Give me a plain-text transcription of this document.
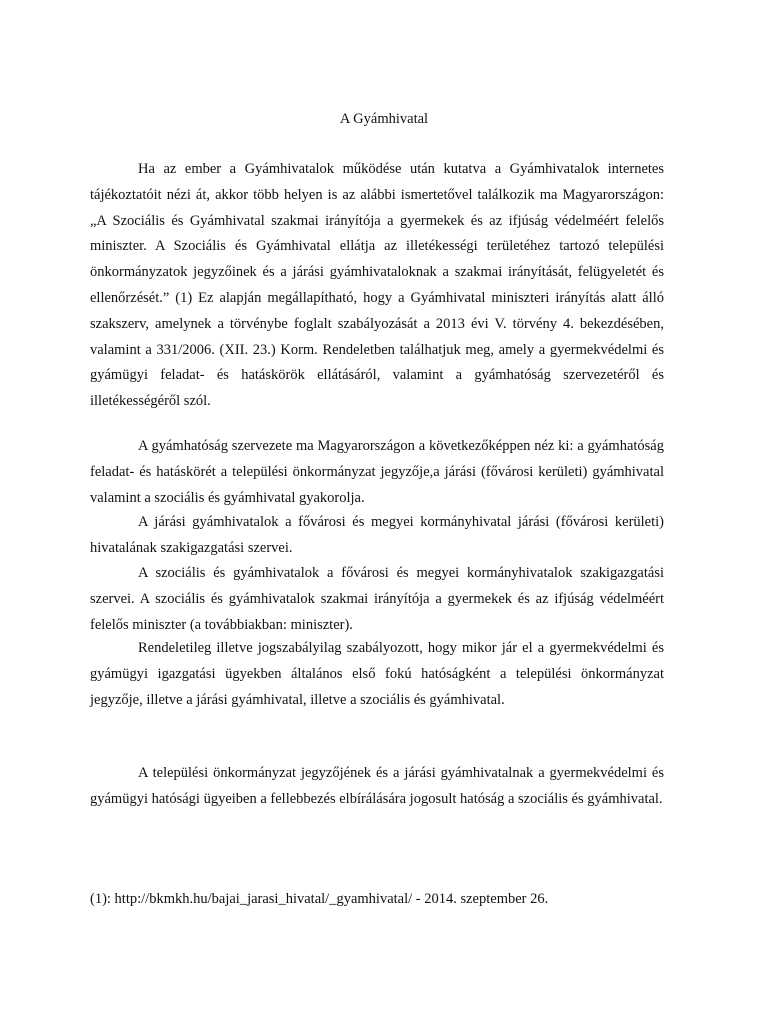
A Gyámhivatal

Ha az ember a Gyámhivatalok működése után kutatva a Gyámhivatalok internetes tájékoztatóit nézi át, akkor több helyen is az alábbi ismertetővel találkozik ma Magyarországon: „A Szociális és Gyámhivatal szakmai irányítója a gyermekek és az ifjúság védelméért felelős miniszter. A Szociális és Gyámhivatal ellátja az illetékességi területéhez tartozó települési önkormányzatok jegyzőinek és a járási gyámhivataloknak a szakmai irányítását, felügyeletét és ellenőrzését.” (1) Ez alapján megállapítható, hogy a Gyámhivatal miniszteri irányítás alatt álló szakszerv, amelynek a törvénybe foglalt szabályozását a 2013 évi V. törvény 4. bekezdésében, valamint a 331/2006. (XII. 23.) Korm. Rendeletben találhatjuk meg, amely a gyermekvédelmi és gyámügyi feladat- és hatáskörök ellátásáról, valamint a gyámhatóság szervezetéről és illetékességéről szól.

A gyámhatóság szervezete ma Magyarországon a következőképpen néz ki: a gyámhatóság feladat- és hatáskörét a települési önkormányzat jegyzője,a járási (fővárosi kerületi) gyámhivatal valamint a szociális és gyámhivatal gyakorolja.

A járási gyámhivatalok a fővárosi és megyei kormányhivatal járási (fővárosi kerületi) hivatalának szakigazgatási szervei.

A szociális és gyámhivatalok a fővárosi és megyei kormányhivatalok szakigazgatási szervei. A szociális és gyámhivatalok szakmai irányítója a gyermekek és az ifjúság védelméért felelős miniszter (a továbbiakban: miniszter).

Rendeletileg illetve jogszabályilag szabályozott, hogy mikor jár el a gyermekvédelmi és gyámügyi igazgatási ügyekben általános első fokú hatóságként a települési önkormányzat jegyzője, illetve a járási gyámhivatal, illetve a szociális és gyámhivatal.

A települési önkormányzat jegyzőjének és a járási gyámhivatalnak a gyermekvédelmi és gyámügyi hatósági ügyeiben a fellebbezés elbírálására jogosult hatóság a szociális és gyámhivatal.

(1): http://bkmkh.hu/bajai_jarasi_hivatal/_gyamhivatal/ - 2014. szeptember 26.
